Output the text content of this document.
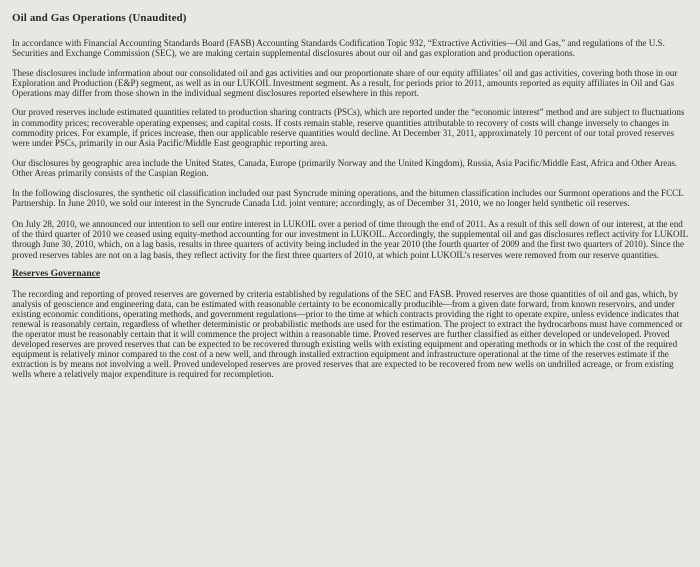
Oil and Gas Operations (Unaudited)

In accordance with Financial Accounting Standards Board (FASB) Accounting Standards Codification Topic 932, “Extractive Activities—Oil and Gas,” and regulations of the U.S. Securities and Exchange Commission (SEC), we are making certain supplemental disclosures about our oil and gas exploration and production operations.

These disclosures include information about our consolidated oil and gas activities and our proportionate share of our equity affiliates’ oil and gas activities, covering both those in our Exploration and Production (E&P) segment, as well as in our LUKOIL Investment segment. As a result, for periods prior to 2011, amounts reported as equity affiliates in Oil and Gas Operations may differ from those shown in the individual segment disclosures reported elsewhere in this report.

Our proved reserves include estimated quantities related to production sharing contracts (PSCs), which are reported under the “economic interest” method and are subject to fluctuations in commodity prices; recoverable operating expenses; and capital costs. If costs remain stable, reserve quantities attributable to recovery of costs will change inversely to changes in commodity prices. For example, if prices increase, then our applicable reserve quantities would decline. At December 31, 2011, approximately 10 percent of our total proved reserves were under PSCs, primarily in our Asia Pacific/Middle East geographic reporting area.

Our disclosures by geographic area include the United States, Canada, Europe (primarily Norway and the United Kingdom), Russia, Asia Pacific/Middle East, Africa and Other Areas. Other Areas primarily consists of the Caspian Region.

In the following disclosures, the synthetic oil classification included our past Syncrude mining operations, and the bitumen classification includes our Surmont operations and the FCCL Partnership. In June 2010, we sold our interest in the Syncrude Canada Ltd. joint venture; accordingly, as of December 31, 2010, we no longer held synthetic oil reserves.

On July 28, 2010, we announced our intention to sell our entire interest in LUKOIL over a period of time through the end of 2011. As a result of this sell down of our interest, at the end of the third quarter of 2010 we ceased using equity-method accounting for our investment in LUKOIL. Accordingly, the supplemental oil and gas disclosures reflect activity for LUKOIL through June 30, 2010, which, on a lag basis, results in three quarters of activity being included in the year 2010 (the fourth quarter of 2009 and the first two quarters of 2010). Since the proved reserves tables are not on a lag basis, they reflect activity for the first three quarters of 2010, at which point LUKOIL’s reserves were removed from our reserve quantities.

Reserves Governance

The recording and reporting of proved reserves are governed by criteria established by regulations of the SEC and FASB. Proved reserves are those quantities of oil and gas, which, by analysis of geoscience and engineering data, can be estimated with reasonable certainty to be economically producible—from a given date forward, from known reservoirs, and under existing economic conditions, operating methods, and government regulations—prior to the time at which contracts providing the right to operate expire, unless evidence indicates that renewal is reasonably certain, regardless of whether deterministic or probabilistic methods are used for the estimation. The project to extract the hydrocarbons must have commenced or the operator must be reasonably certain that it will commence the project within a reasonable time. Proved reserves are further classified as either developed or undeveloped. Proved developed reserves are proved reserves that can be expected to be recovered through existing wells with existing equipment and operating methods or in which the cost of the required equipment is relatively minor compared to the cost of a new well, and through installed extraction equipment and infrastructure operational at the time of the reserves estimate if the extraction is by means not involving a well. Proved undeveloped reserves are proved reserves that are expected to be recovered from new wells on undrilled acreage, or from existing wells where a relatively major expenditure is required for recompletion.
